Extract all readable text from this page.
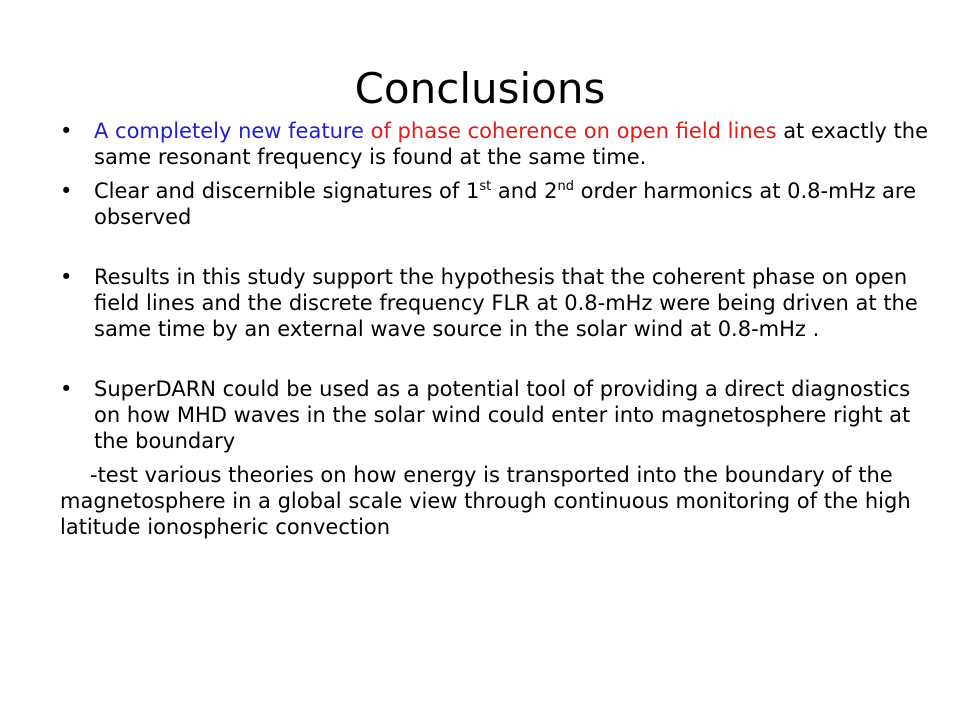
Conclusions

•	A completely new feature of phase coherence on open field lines at exactly the same resonant frequency is found at the same time.

•	Clear and discernible signatures of 1st and 2nd order harmonics at 0.8-mHz are observed

•	Results in this study support the hypothesis that the coherent phase on open field lines and the discrete frequency FLR at 0.8-mHz were being driven at the same time by an external wave source in the solar wind at 0.8-mHz .

•	SuperDARN could be used as a potential tool of providing a direct diagnostics on how MHD waves in the solar wind could enter into magnetosphere right at the boundary

-test various theories on how energy is transported into the boundary of the magnetosphere in a global scale view through continuous monitoring of the high latitude ionospheric convection
